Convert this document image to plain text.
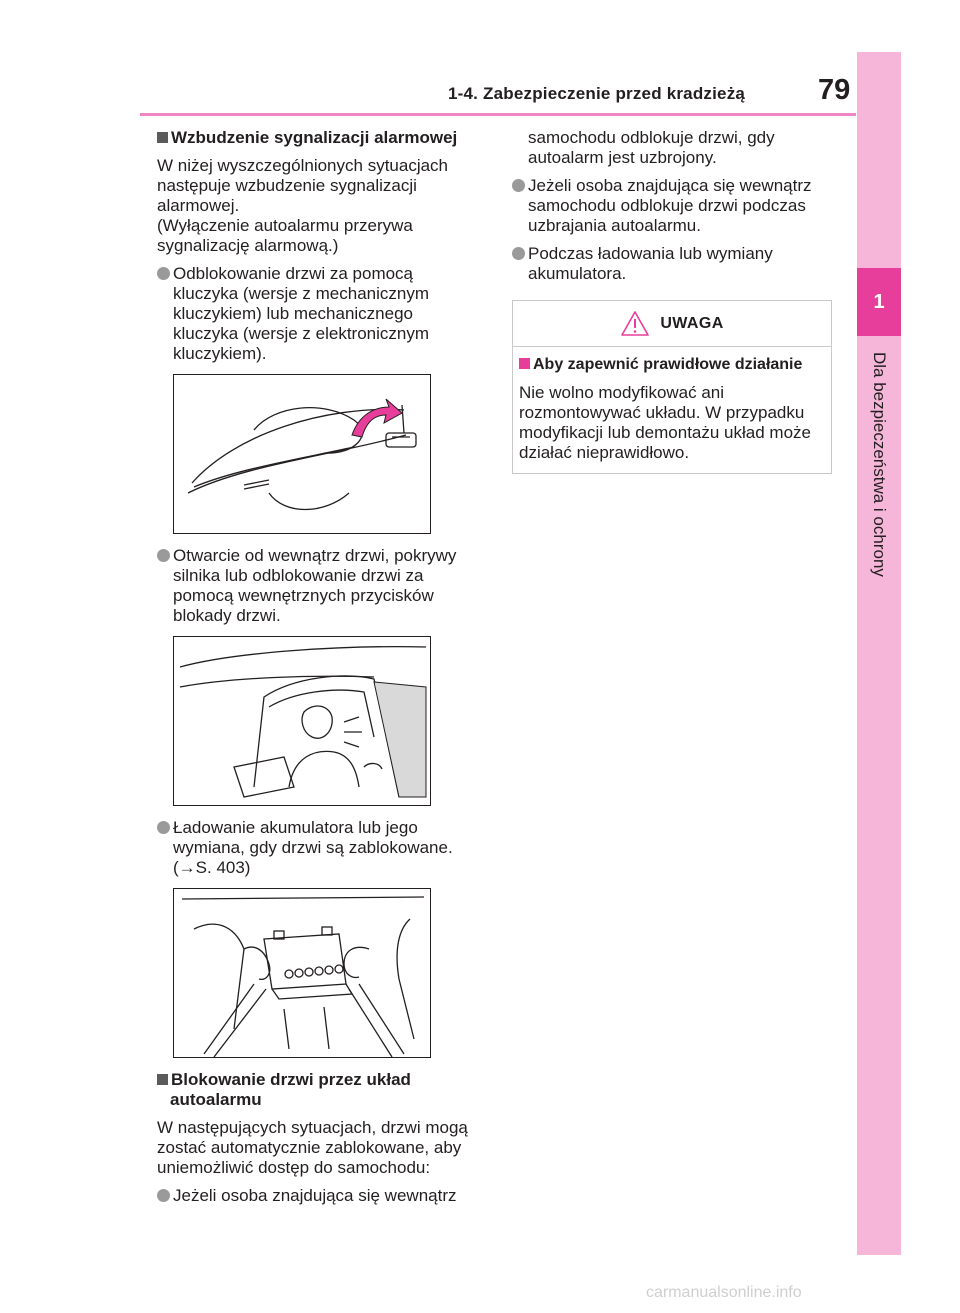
1-4. Zabezpieczenie przed kradzieżą	79
1
Dla bezpieczeństwa i ochrony
Wzbudzenie sygnalizacji alarmowej
W niżej wyszczególnionych sytuacjach następuje wzbudzenie sygnalizacji alarmowej.
(Wyłączenie autoalarmu przerywa sygnalizację alarmową.)
Odblokowanie drzwi za pomocą kluczyka (wersje z mechanicznym kluczykiem) lub mechanicznego kluczyka (wersje z elektronicznym kluczykiem).
Otwarcie od wewnątrz drzwi, pokrywy silnika lub odblokowanie drzwi za pomocą wewnętrznych przycisków blokady drzwi.
Ładowanie akumulatora lub jego wymiana, gdy drzwi są zablokowane.
(→S. 403)
Blokowanie drzwi przez układ autoalarmu
W następujących sytuacjach, drzwi mogą zostać automatycznie zablokowane, aby uniemożliwić dostęp do samochodu:
Jeżeli osoba znajdująca się wewnątrz
samochodu odblokuje drzwi, gdy autoalarm jest uzbrojony.
Jeżeli osoba znajdująca się wewnątrz samochodu odblokuje drzwi podczas uzbrajania autoalarmu.
Podczas ładowania lub wymiany akumulatora.
UWAGA
Aby zapewnić prawidłowe działanie
Nie wolno modyfikować ani rozmontowywać układu. W przypadku modyfikacji lub demontażu układ może działać nieprawidłowo.
carmanualsonline.info
